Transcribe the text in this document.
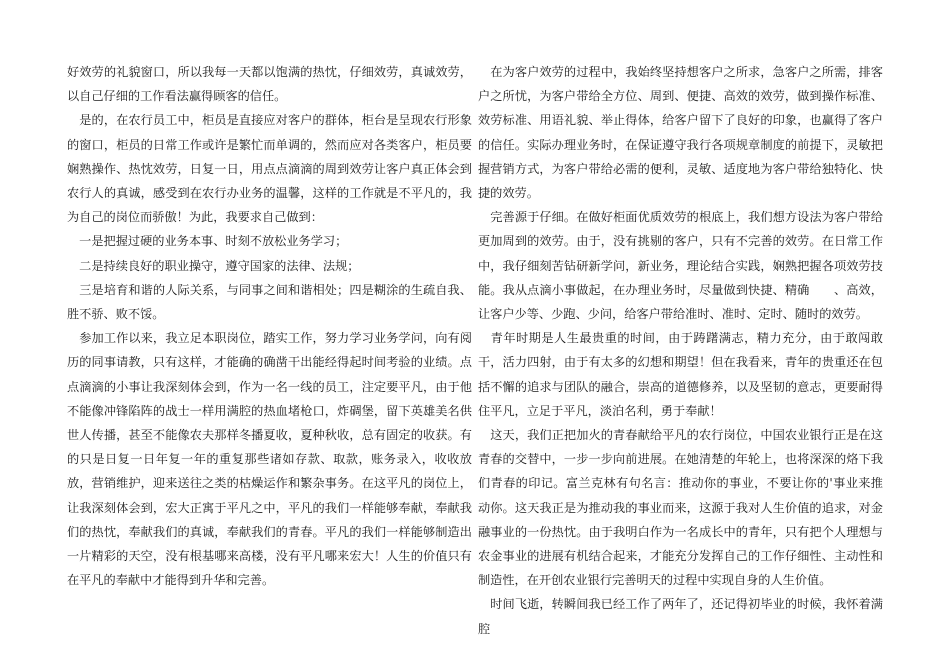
好效劳的礼貌窗口，所以我每一天都以饱满的热忱，仔细效劳，真诚效劳，以自己仔细的工作看法赢得顾客的信任。

　是的，在农行员工中，柜员是直接应对客户的群体，柜台是呈现农行形象的窗口，柜员的日常工作或许是繁忙而单调的，然而应对各类客户，柜员要娴熟操作、热忱效劳，日复一日，用点点滴滴的周到效劳让客户真正体会到农行人的真诚，感受到在农行办业务的温馨，这样的工作就是不平凡的，我为自己的岗位而骄傲！为此，我要求自己做到：

　一是把握过硬的业务本事、时刻不放松业务学习；

　二是持续良好的职业操守，遵守国家的法律、法规；

　三是培育和谐的人际关系，与同事之间和谐相处；四是糊涂的生疏自我、胜不骄、败不馁。

　参加工作以来，我立足本职岗位，踏实工作，努力学习业务学问，向有阅历的同事请教，只有这样，才能确的确凿干出能经得起时间考验的业绩。点点滴滴的小事让我深刻体会到，作为一名一线的员工，注定要平凡，由于他不能像冲锋陷阵的战士一样用满腔的热血堵枪口，炸碉堡，留下英雄美名供世人传播，甚至不能像农夫那样冬播夏收，夏种秋收，总有固定的收获。有的只是日复一日年复一年的重复那些诸如存款、取款，账务录入，收收放放，营销维护，迎来送往之类的枯燥运作和繁杂事务。在这平凡的岗位上，让我深刻体会到，宏大正寓于平凡之中，平凡的我们一样能够奉献，奉献我们的热忱，奉献我们的真诚，奉献我们的青春。平凡的我们一样能够制造出一片精彩的天空，没有根基哪来高楼，没有平凡哪来宏大！人生的价值只有在平凡的奉献中才能得到升华和完善。

　在为客户效劳的过程中，我始终坚持想客户之所求，急客户之所需，排客户之所忧，为客户带给全方位、周到、便捷、高效的效劳，做到操作标准、效劳标准、用语礼貌、举止得体，给客户留下了良好的印象，也赢得了客户的信任。实际办理业务时，在保证遵守我行各项规章制度的前提下，灵敏把握营销方式，为客户带给必需的便利，灵敏、适度地为客户带给独特化、快捷的效劳。

　完善源于仔细。在做好柜面优质效劳的根底上，我们想方设法为客户带给更加周到的效劳。由于，没有挑剔的客户，只有不完善的效劳。在日常工作中，我仔细刻苦钻研新学问，新业务，理论结合实践，娴熟把握各项效劳技能。我从点滴小事做起，在办理业务时，尽量做到快捷、精确　　、高效，让客户少等、少跑、少问，给客户带给准时、准时、定时、随时的效劳。

　青年时期是人生最贵重的时间，由于踌躇满志，精力充分，由于敢闯敢干，活力四射，由于有太多的幻想和期望！但在我看来，青年的贵重还在包括不懈的追求与团队的融合，崇高的道德修养，以及坚韧的意志，更要耐得住平凡，立足于平凡，淡泊名利，勇于奉献！

　这天，我们正把加火的青春献给平凡的农行岗位，中国农业银行正是在这青春的交替中，一步一步向前进展。在她清楚的年轮上，也将深深的烙下我们青春的印记。富兰克林有句名言：推动你的事业，不要让你的'事业来推动你。这天我正是为推动我的事业而来，这源于我对人生价值的追求，对金融事业的一份热忱。由于我明白作为一名成长中的青年，只有把个人理想与农金事业的进展有机结合起来，才能充分发挥自己的工作仔细性、主动性和制造性，在开创农业银行完善明天的过程中实现自身的人生价值。

　时间飞逝，转瞬间我已经工作了两年了，还记得初毕业的时候，我怀着满腔
